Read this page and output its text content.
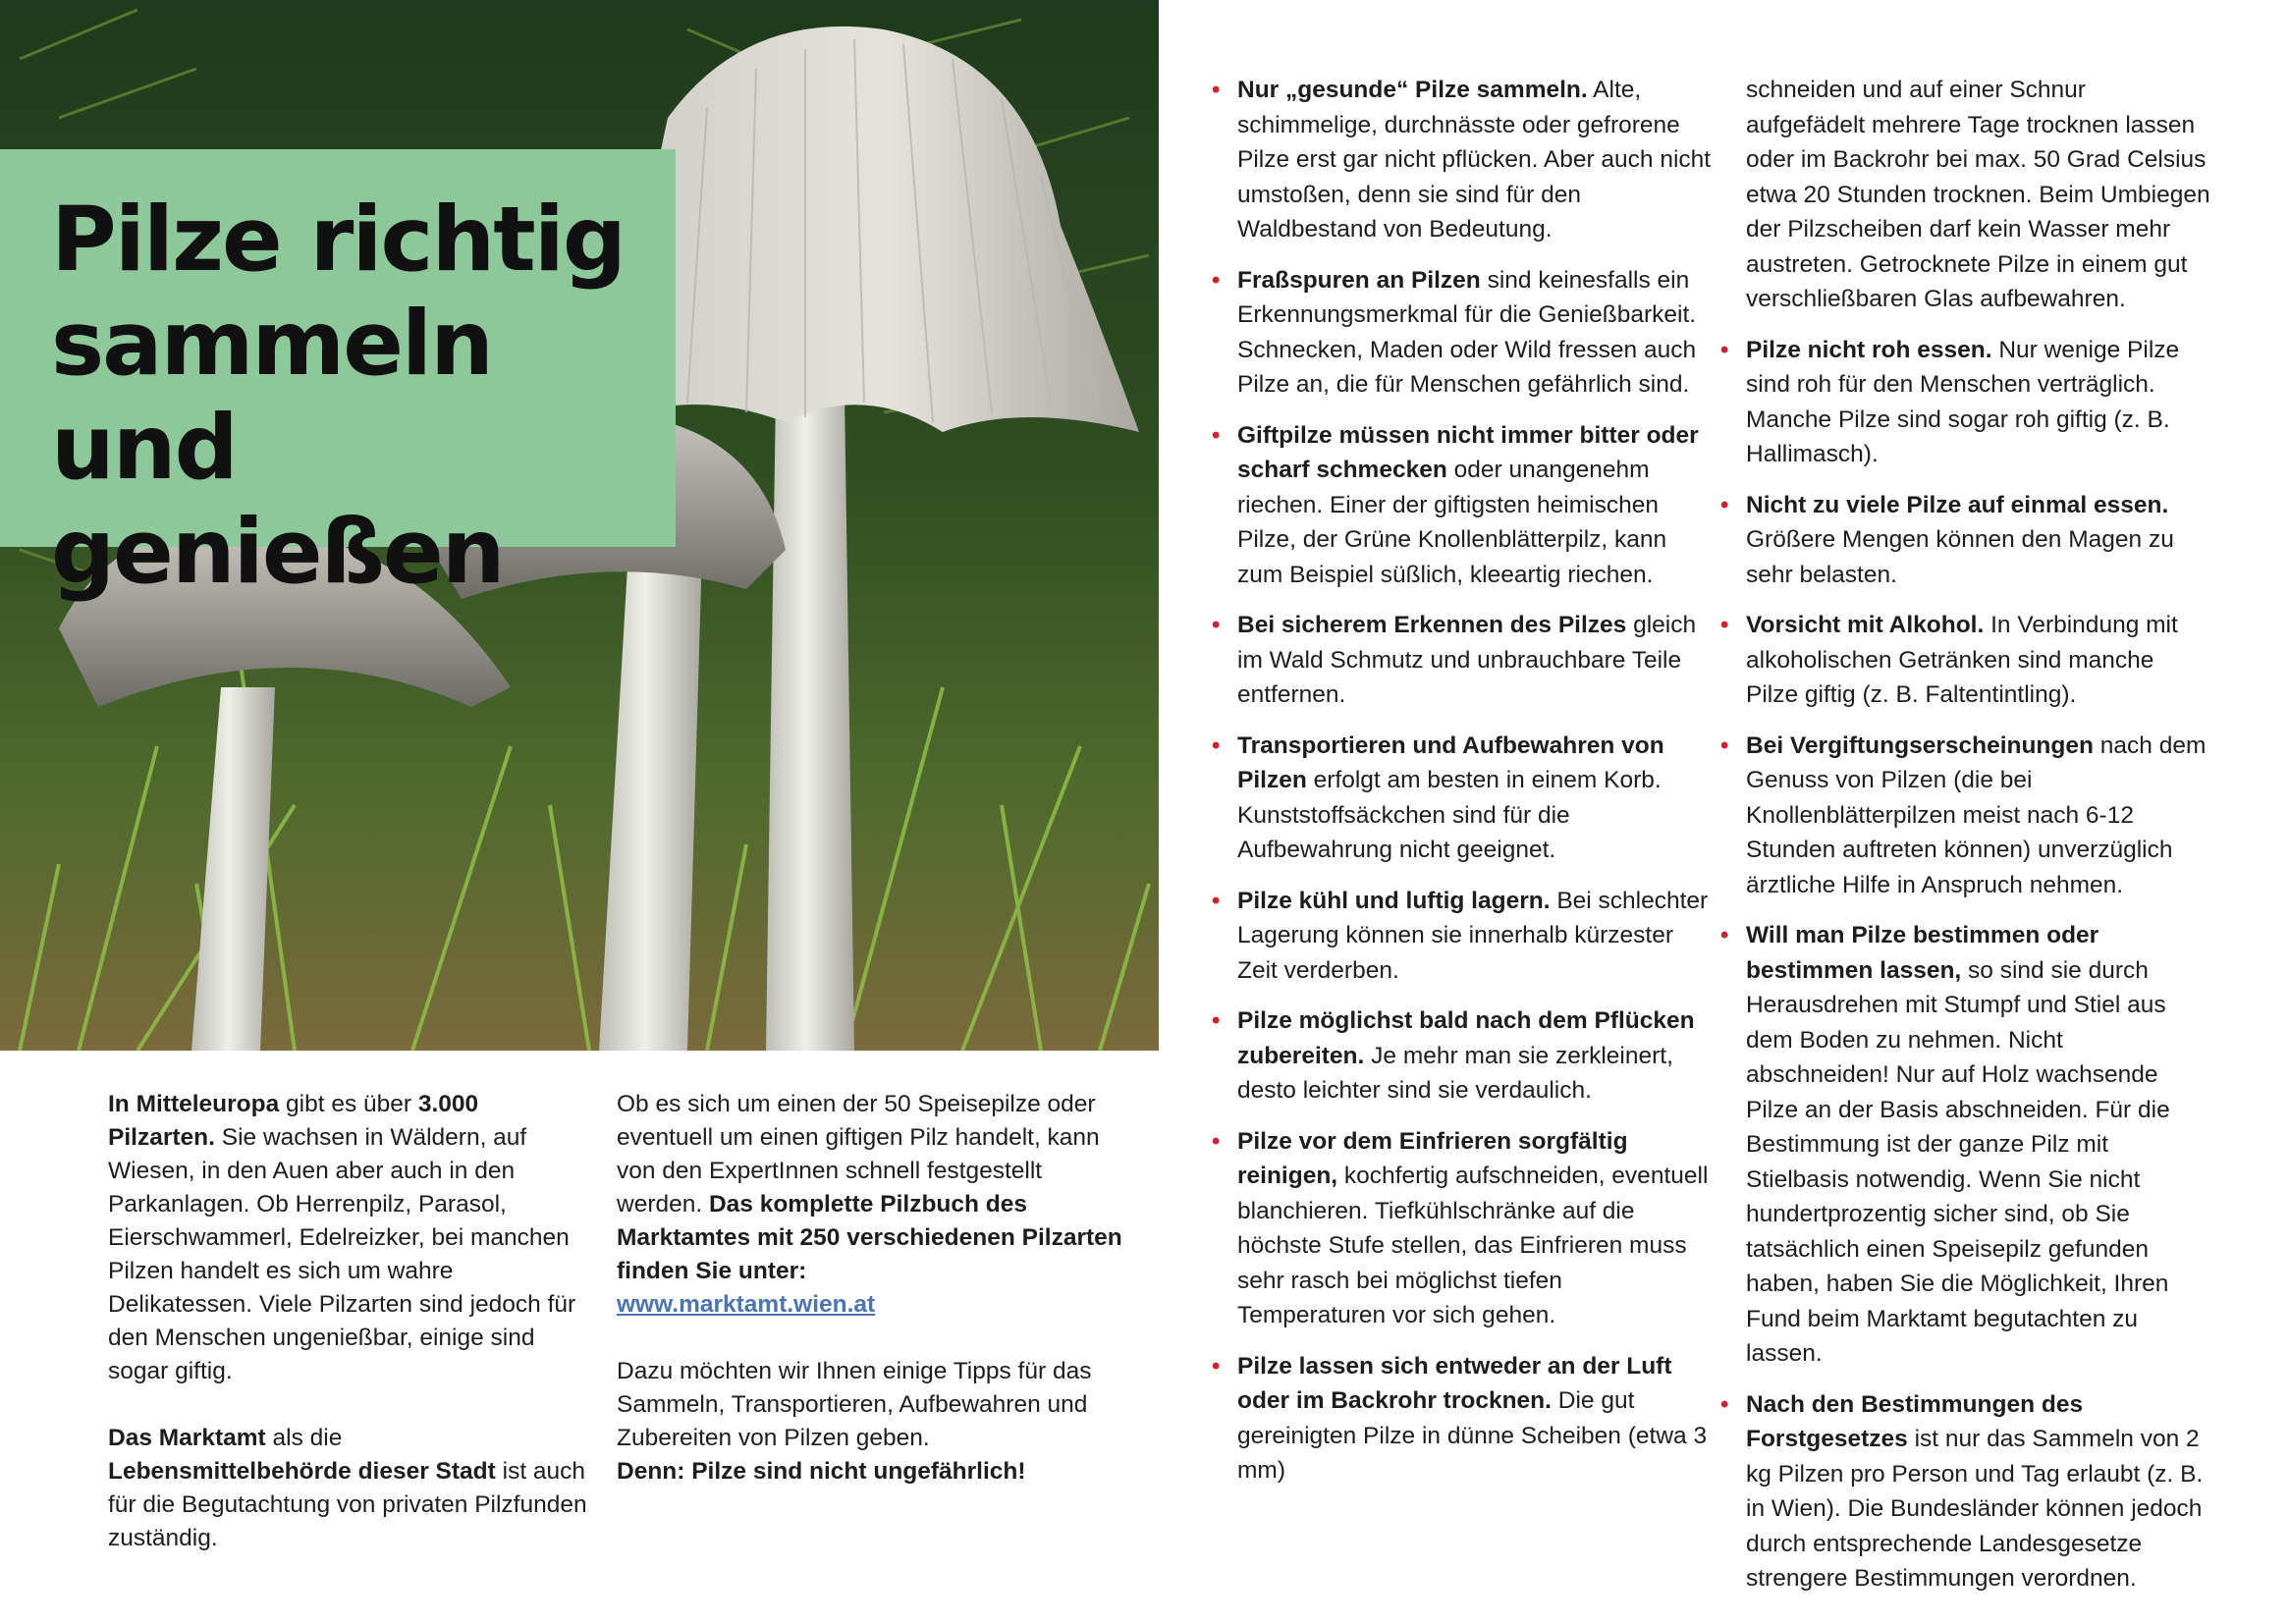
Pilze richtig
sammeln und
genießen

In Mitteleuropa gibt es über 3.000 Pilzarten. Sie wachsen in Wäldern, auf Wiesen, in den Auen aber auch in den Parkanlagen. Ob Herrenpilz, Parasol, Eierschwammerl, Edelreizker, bei manchen Pilzen handelt es sich um wahre Delikatessen. Viele Pilzarten sind jedoch für den Menschen ungenießbar, einige sind sogar giftig.

Das Marktamt als die Lebensmittelbehörde dieser Stadt ist auch für die Begutachtung von privaten Pilzfunden zuständig.

Ob es sich um einen der 50 Speisepilze oder eventuell um einen giftigen Pilz handelt, kann von den ExpertInnen schnell festgestellt werden. Das komplette Pilzbuch des Marktamtes mit 250 verschiedenen Pilzarten finden Sie unter:
www.marktamt.wien.at

Dazu möchten wir Ihnen einige Tipps für das Sammeln, Transportieren, Aufbewahren und Zubereiten von Pilzen geben.
Denn: Pilze sind nicht ungefährlich!

• Nur „gesunde“ Pilze sammeln. Alte, schimmelige, durchnässte oder gefrorene Pilze erst gar nicht pflücken. Aber auch nicht umstoßen, denn sie sind für den Waldbestand von Bedeutung.
• Fraßspuren an Pilzen sind keinesfalls ein Erkennungsmerkmal für die Genießbarkeit. Schnecken, Maden oder Wild fressen auch Pilze an, die für Menschen gefährlich sind.
• Giftpilze müssen nicht immer bitter oder scharf schmecken oder unangenehm riechen. Einer der giftigsten heimischen Pilze, der Grüne Knollenblätterpilz, kann zum Beispiel süßlich, kleeartig riechen.
• Bei sicherem Erkennen des Pilzes gleich im Wald Schmutz und unbrauchbare Teile entfernen.
• Transportieren und Aufbewahren von Pilzen erfolgt am besten in einem Korb. Kunststoffsäckchen sind für die Aufbewahrung nicht geeignet.
• Pilze kühl und luftig lagern. Bei schlechter Lagerung können sie innerhalb kürzester Zeit verderben.
• Pilze möglichst bald nach dem Pflücken zubereiten. Je mehr man sie zerkleinert, desto leichter sind sie verdaulich.
• Pilze vor dem Einfrieren sorgfältig reinigen, kochfertig aufschneiden, eventuell blanchieren. Tiefkühlschränke auf die höchste Stufe stellen, das Einfrieren muss sehr rasch bei möglichst tiefen Temperaturen vor sich gehen.
• Pilze lassen sich entweder an der Luft oder im Backrohr trocknen. Die gut gereinigten Pilze in dünne Scheiben (etwa 3 mm)
schneiden und auf einer Schnur aufgefädelt mehrere Tage trocknen lassen oder im Backrohr bei max. 50 Grad Celsius etwa 20 Stunden trocknen. Beim Umbiegen der Pilzscheiben darf kein Wasser mehr austreten. Getrocknete Pilze in einem gut verschließbaren Glas aufbewahren.
• Pilze nicht roh essen. Nur wenige Pilze sind roh für den Menschen verträglich. Manche Pilze sind sogar roh giftig (z. B. Hallimasch).
• Nicht zu viele Pilze auf einmal essen. Größere Mengen können den Magen zu sehr belasten.
• Vorsicht mit Alkohol. In Verbindung mit alkoholischen Getränken sind manche Pilze giftig (z. B. Faltentintling).
• Bei Vergiftungserscheinungen nach dem Genuss von Pilzen (die bei Knollenblätterpilzen meist nach 6-12 Stunden auftreten können) unverzüglich ärztliche Hilfe in Anspruch nehmen.
• Will man Pilze bestimmen oder bestimmen lassen, so sind sie durch Herausdrehen mit Stumpf und Stiel aus dem Boden zu nehmen. Nicht abschneiden! Nur auf Holz wachsende Pilze an der Basis abschneiden. Für die Bestimmung ist der ganze Pilz mit Stielbasis notwendig. Wenn Sie nicht hundertprozentig sicher sind, ob Sie tatsächlich einen Speisepilz gefunden haben, haben Sie die Möglichkeit, Ihren Fund beim Marktamt begutachten zu lassen.
• Nach den Bestimmungen des Forstgesetzes ist nur das Sammeln von 2 kg Pilzen pro Person und Tag erlaubt (z. B. in Wien). Die Bundesländer können jedoch durch entsprechende Landesgesetze strengere Bestimmungen verordnen.
